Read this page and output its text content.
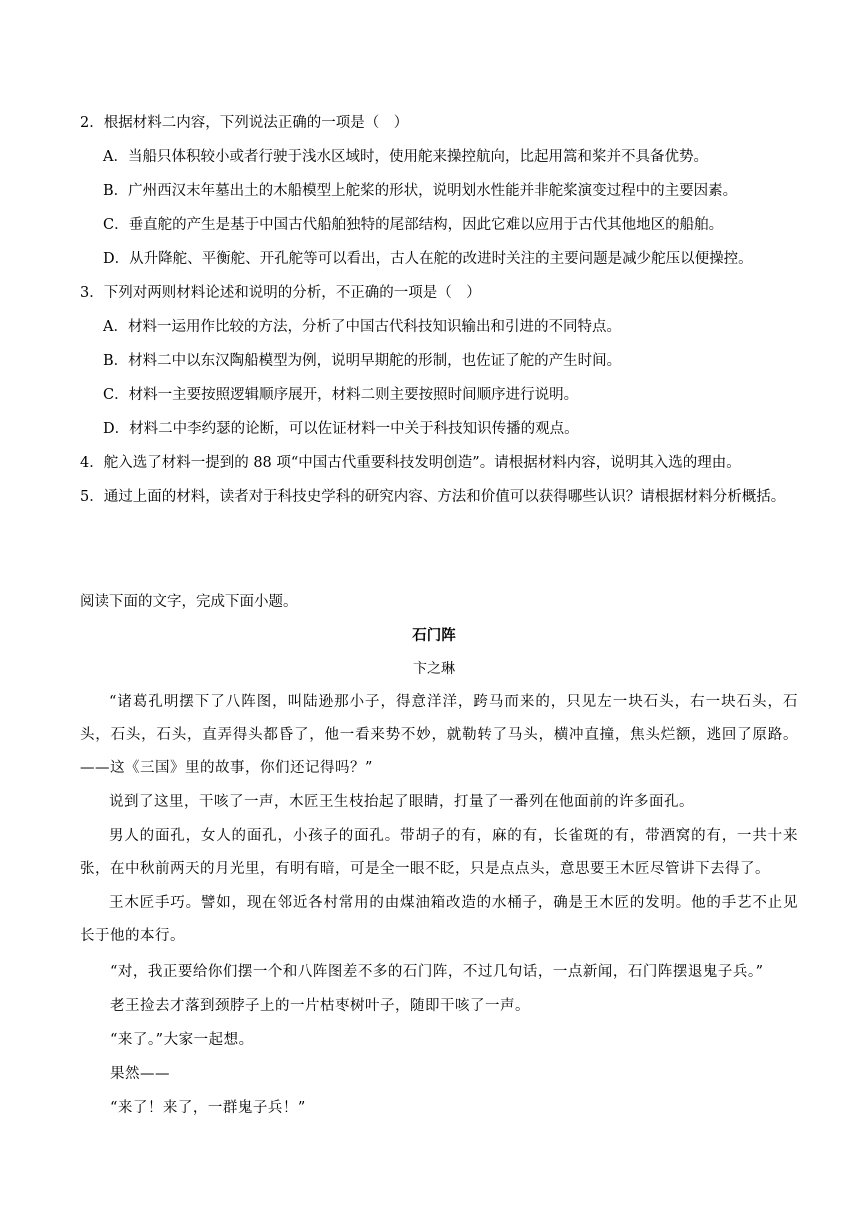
2．根据材料二内容，下列说法正确的一项是（　）
A．当船只体积较小或者行驶于浅水区域时，使用舵来操控航向，比起用篙和桨并不具备优势。
B．广州西汉末年墓出土的木船模型上舵桨的形状，说明划水性能并非舵桨演变过程中的主要因素。
C．垂直舵的产生是基于中国古代船舶独特的尾部结构，因此它难以应用于古代其他地区的船舶。
D．从升降舵、平衡舵、开孔舵等可以看出，古人在舵的改进时关注的主要问题是减少舵压以便操控。
3．下列对两则材料论述和说明的分析，不正确的一项是（　）
A．材料一运用作比较的方法，分析了中国古代科技知识输出和引进的不同特点。
B．材料二中以东汉陶船模型为例，说明早期舵的形制，也佐证了舵的产生时间。
C．材料一主要按照逻辑顺序展开，材料二则主要按照时间顺序进行说明。
D．材料二中李约瑟的论断，可以佐证材料一中关于科技知识传播的观点。
4．舵入选了材料一提到的 88 项“中国古代重要科技发明创造”。请根据材料内容，说明其入选的理由。
5．通过上面的材料，读者对于科技史学科的研究内容、方法和价值可以获得哪些认识？请根据材料分析概括。
阅读下面的文字，完成下面小题。
石门阵
卞之琳
“诸葛孔明摆下了八阵图，叫陆逊那小子，得意洋洋，跨马而来的，只见左一块石头，右一块石头，石头，石头，石头，直弄得头都昏了，他一看来势不妙，就勒转了马头，横冲直撞，焦头烂额，逃回了原路。——这《三国》里的故事，你们还记得吗？”
说到了这里，干咳了一声，木匠王生枝抬起了眼睛，打量了一番列在他面前的许多面孔。
男人的面孔，女人的面孔，小孩子的面孔。带胡子的有，麻的有，长雀斑的有，带酒窝的有，一共十来张，在中秋前两天的月光里，有明有暗，可是全一眼不眨，只是点点头，意思要王木匠尽管讲下去得了。
王木匠手巧。譬如，现在邻近各村常用的由煤油箱改造的水桶子，确是王木匠的发明。他的手艺不止见长于他的本行。
“对，我正要给你们摆一个和八阵图差不多的石门阵，不过几句话，一点新闻，石门阵摆退鬼子兵。”
老王捡去才落到颈脖子上的一片枯枣树叶子，随即干咳了一声。
“来了。”大家一起想。
果然——
“来了！来了，一群鬼子兵！”
